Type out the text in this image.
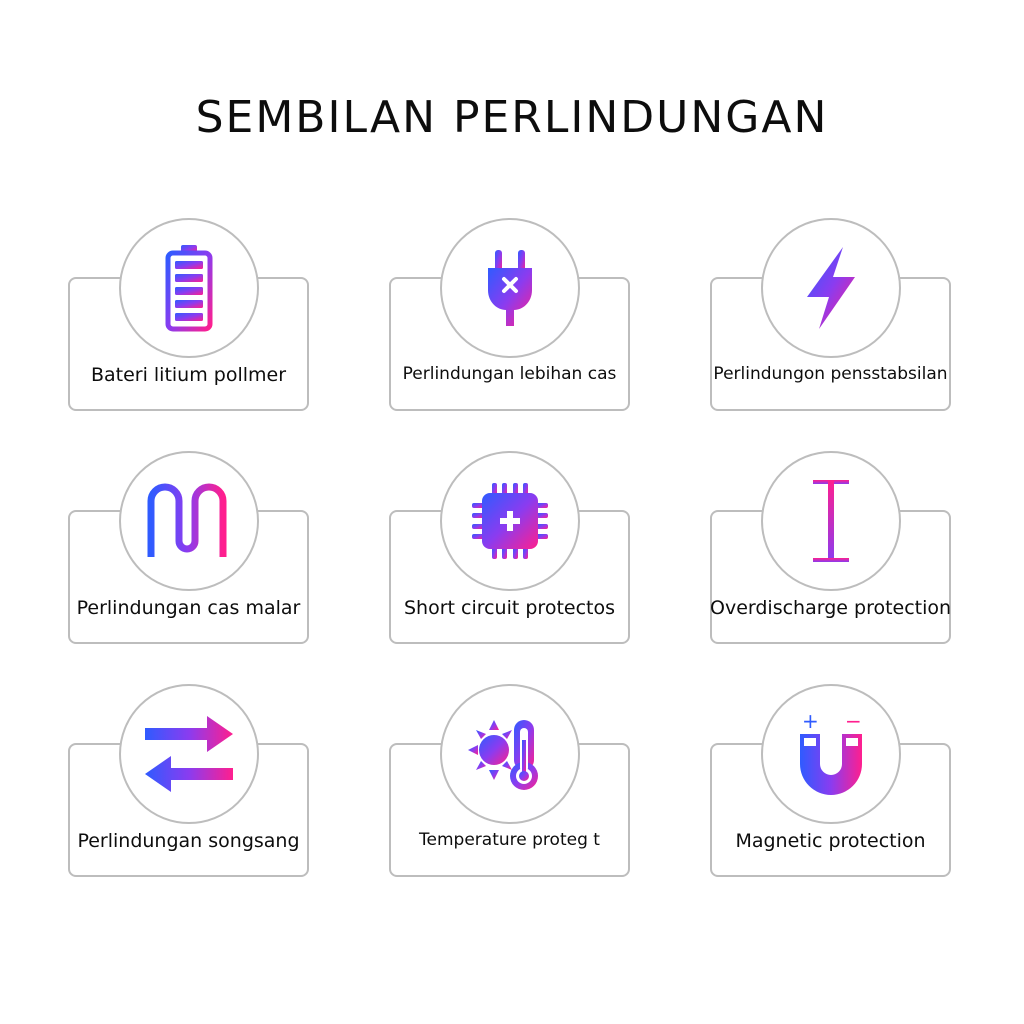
SEMBILAN PERLINDUNGAN
Bateri litium pollmer	Perlindungan lebihan cas	Perlindungon pensstabsilan
Perlindungan cas malar	Short circuit protectos	Overdischarge protection
Perlindungan songsang	Temperature proteg t
+ −
Magnetic protection
